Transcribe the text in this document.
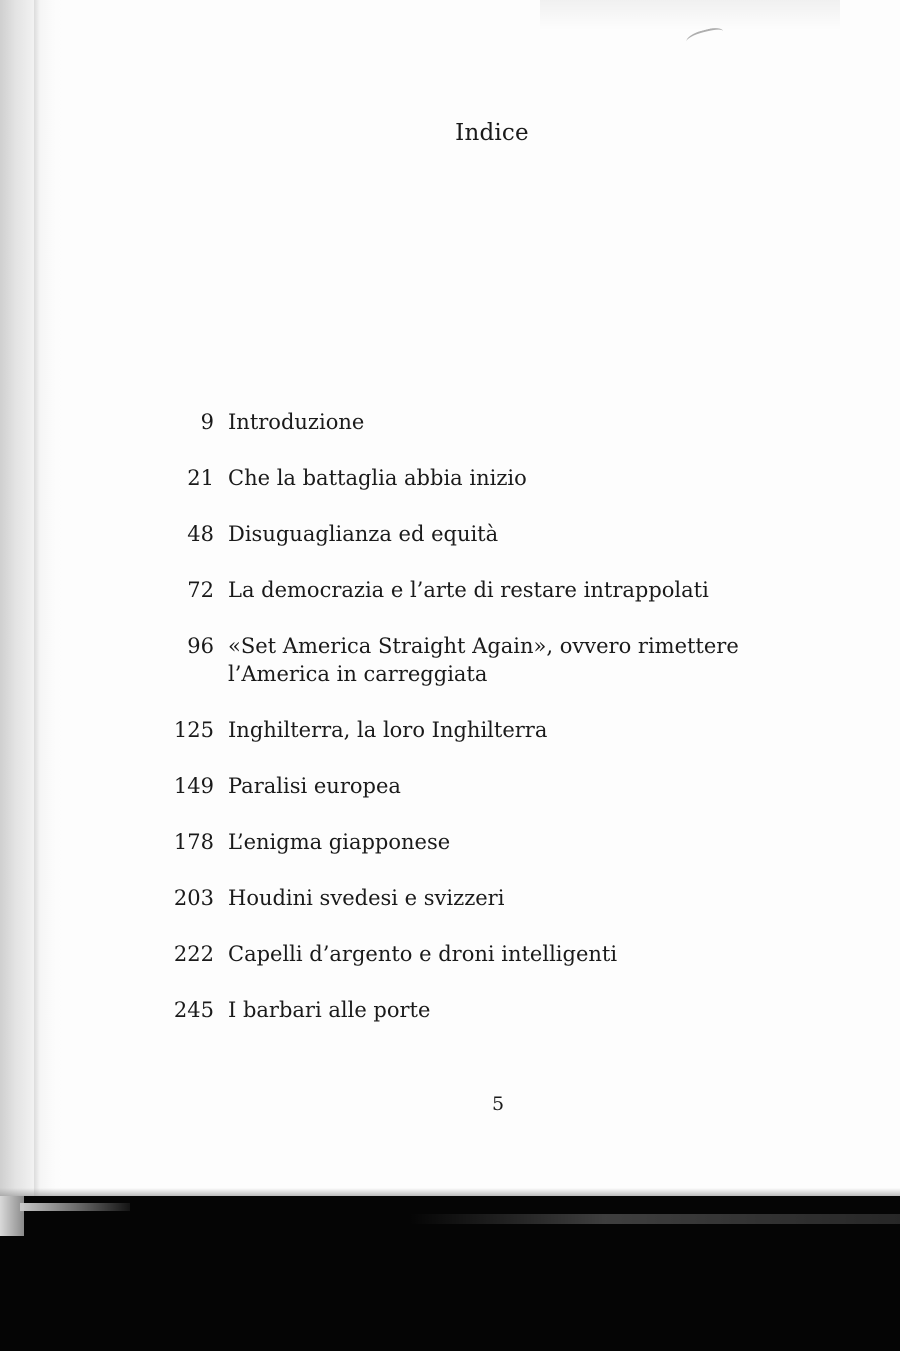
Indice
9 Introduzione
21 Che la battaglia abbia inizio
48 Disuguaglianza ed equità
72 La democrazia e l’arte di restare intrappolati
96 «Set America Straight Again», ovvero rimettere l’America in carreggiata
125 Inghilterra, la loro Inghilterra
149 Paralisi europea
178 L’enigma giapponese
203 Houdini svedesi e svizzeri
222 Capelli d’argento e droni intelligenti
245 I barbari alle porte
5
